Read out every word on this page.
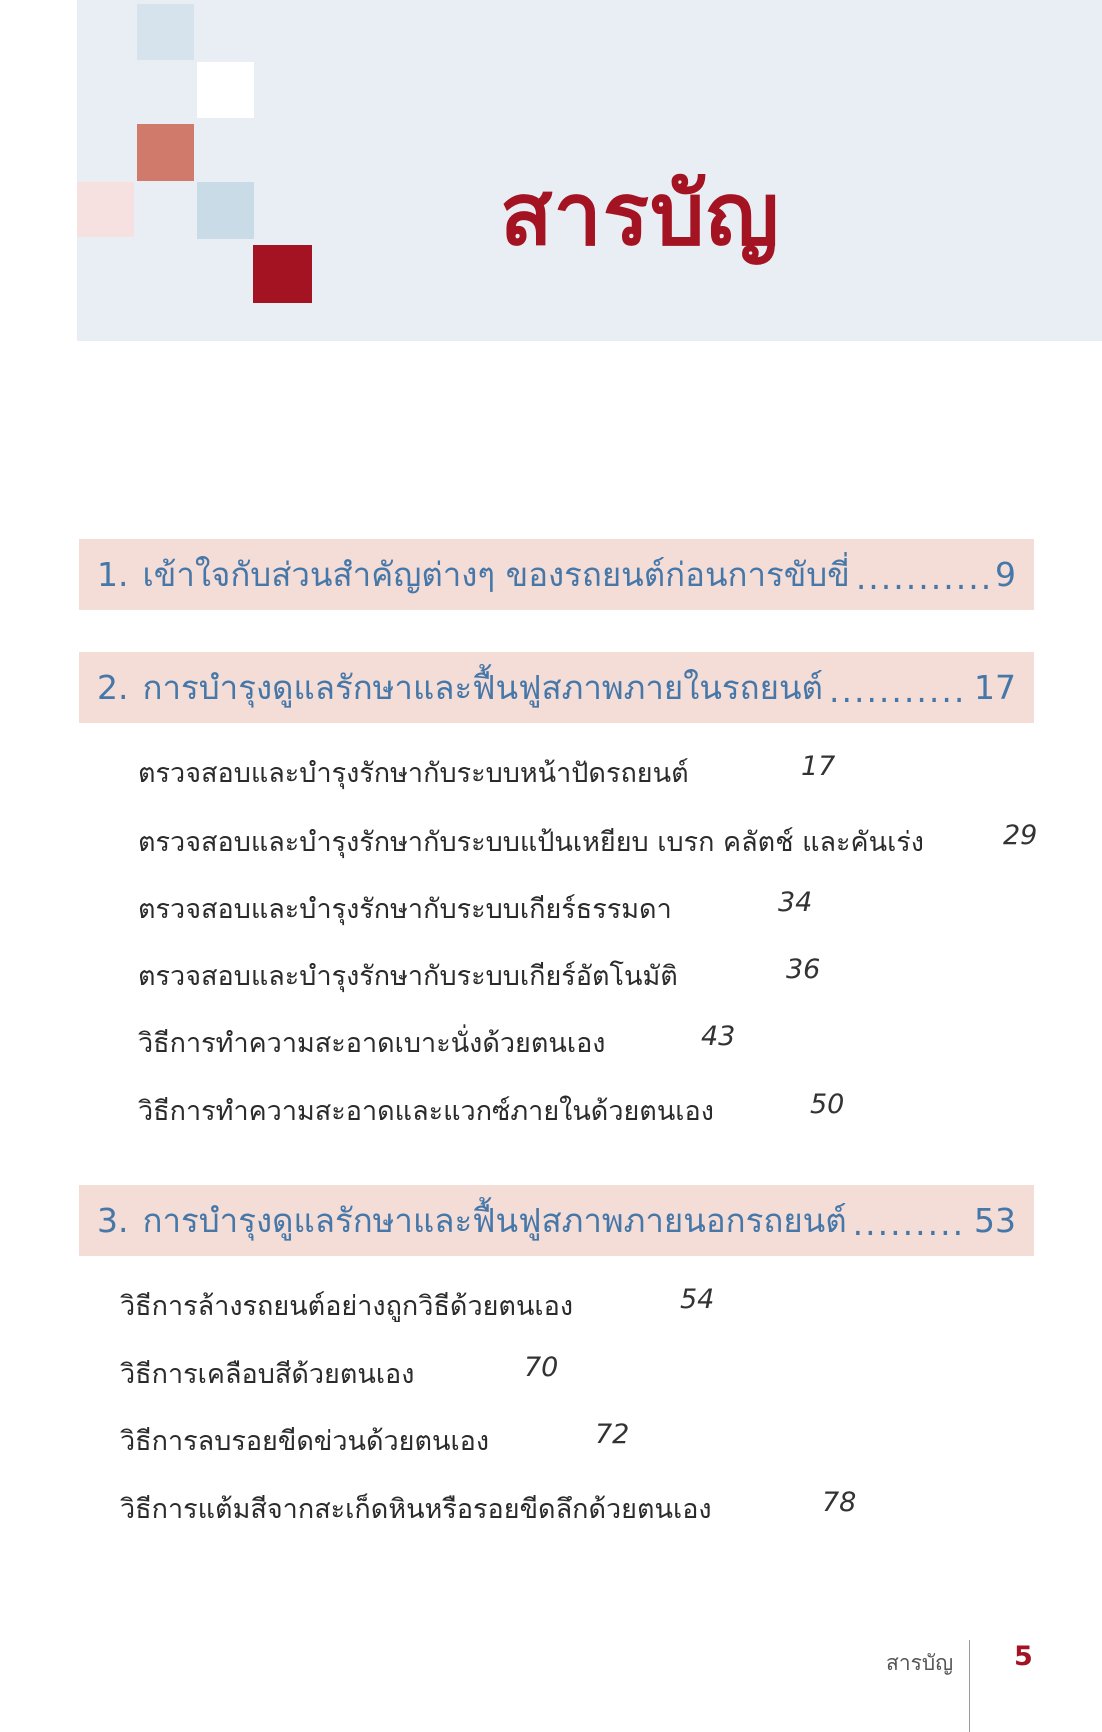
สารบัญ
1. เข้าใจกับส่วนสำคัญต่างๆ ของรถยนต์ก่อนการขับขี่ .....	9
2. การบำรุงดูแลรักษาและฟื้นฟูสภาพภายในรถยนต์ .....	17
ตรวจสอบและบำรุงรักษากับระบบหน้าปัดรถยนต์	17
ตรวจสอบและบำรุงรักษากับระบบแป้นเหยียบ เบรก คลัตช์ และคันเร่ง	29
ตรวจสอบและบำรุงรักษากับระบบเกียร์ธรรมดา	34
ตรวจสอบและบำรุงรักษากับระบบเกียร์อัตโนมัติ	36
วิธีการทำความสะอาดเบาะนั่งด้วยตนเอง	43
วิธีการทำความสะอาดและแวกซ์ภายในด้วยตนเอง	50
3. การบำรุงดูแลรักษาและฟื้นฟูสภาพภายนอกรถยนต์ .....	53
วิธีการล้างรถยนต์อย่างถูกวิธีด้วยตนเอง	54
วิธีการเคลือบสีด้วยตนเอง	70
วิธีการลบรอยขีดข่วนด้วยตนเอง	72
วิธีการแต้มสีจากสะเก็ดหินหรือรอยขีดลึกด้วยตนเอง	78
สารบัญ 5
